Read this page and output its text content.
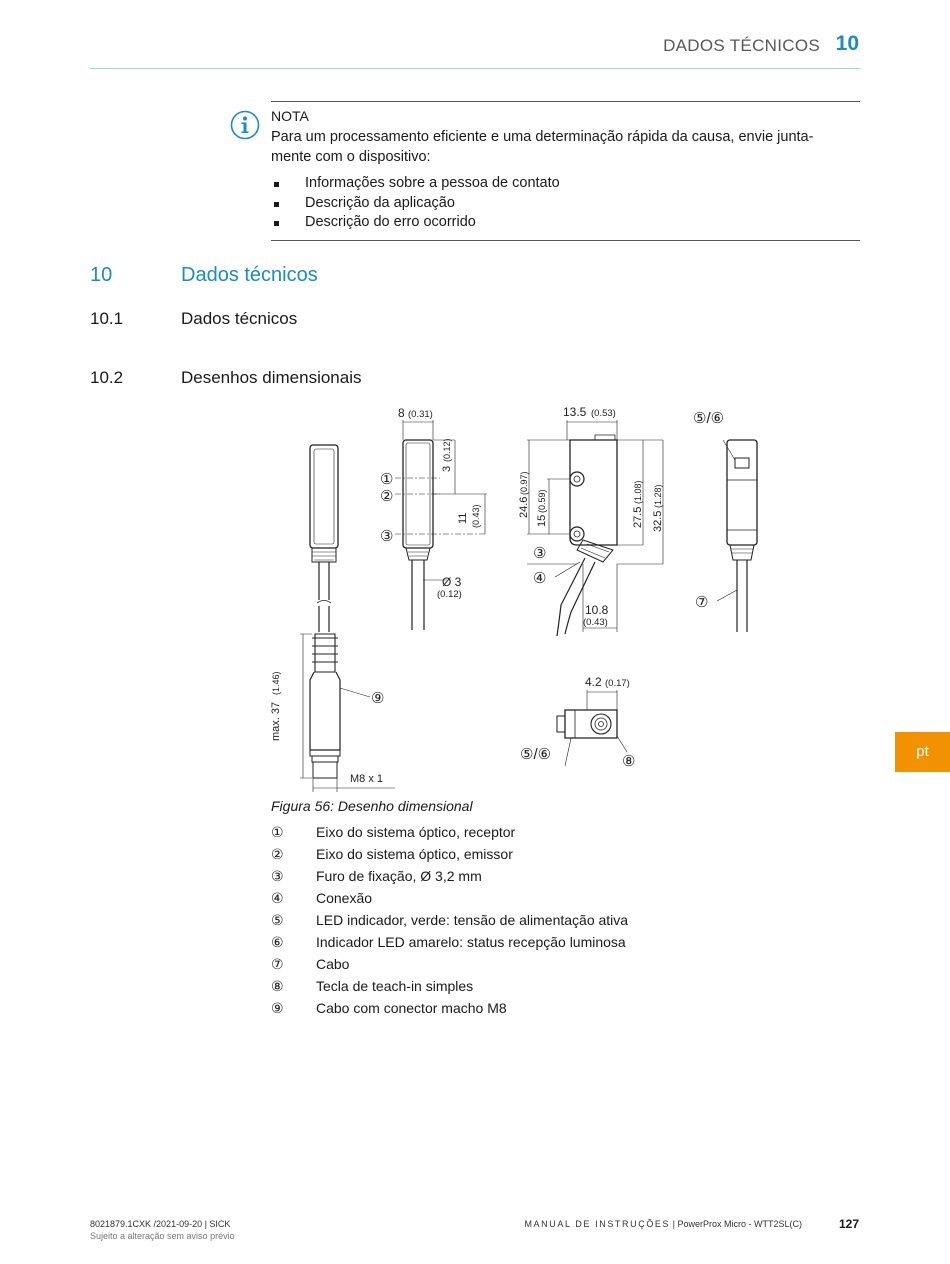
DADOS TÉCNICOS 10
NOTA
Para um processamento eficiente e uma determinação rápida da causa, envie junta-mente com o dispositivo:
Informações sobre a pessoa de contato
Descrição da aplicação
Descrição do erro ocorrido
10	Dados técnicos
10.1	Dados técnicos
10.2	Desenhos dimensionais
max. 37
(1.46)
M8 x 1
⑨
8 (0.31)
3
(0.12)
11 (0.43)
①
②
③
Ø 3
(0.12)
13.5 (0.53)
24.6
(0.97)
15
(0.59)
27.5
(1.08)
32.5
(1.28)
③
④
10.8
(0.43)
⑤/⑥
⑦
4.2 (0.17)
⑤/⑥	⑧
Figura 56: Desenho dimensional
① Eixo do sistema óptico, receptor
② Eixo do sistema óptico, emissor
③ Furo de fixação, Ø 3,2 mm
④ Conexão
⑤ LED indicador, verde: tensão de alimentação ativa
⑥ Indicador LED amarelo: status recepção luminosa
⑦ Cabo
⑧ Tecla de teach-in simples
⑨ Cabo com conector macho M8
pt
8021879.1CXK /2021-09-20 | SICK
Sujeito a alteração sem aviso prévio
MANUAL DE INSTRUÇÕES | PowerProx Micro - WTT2SL(C)	127
